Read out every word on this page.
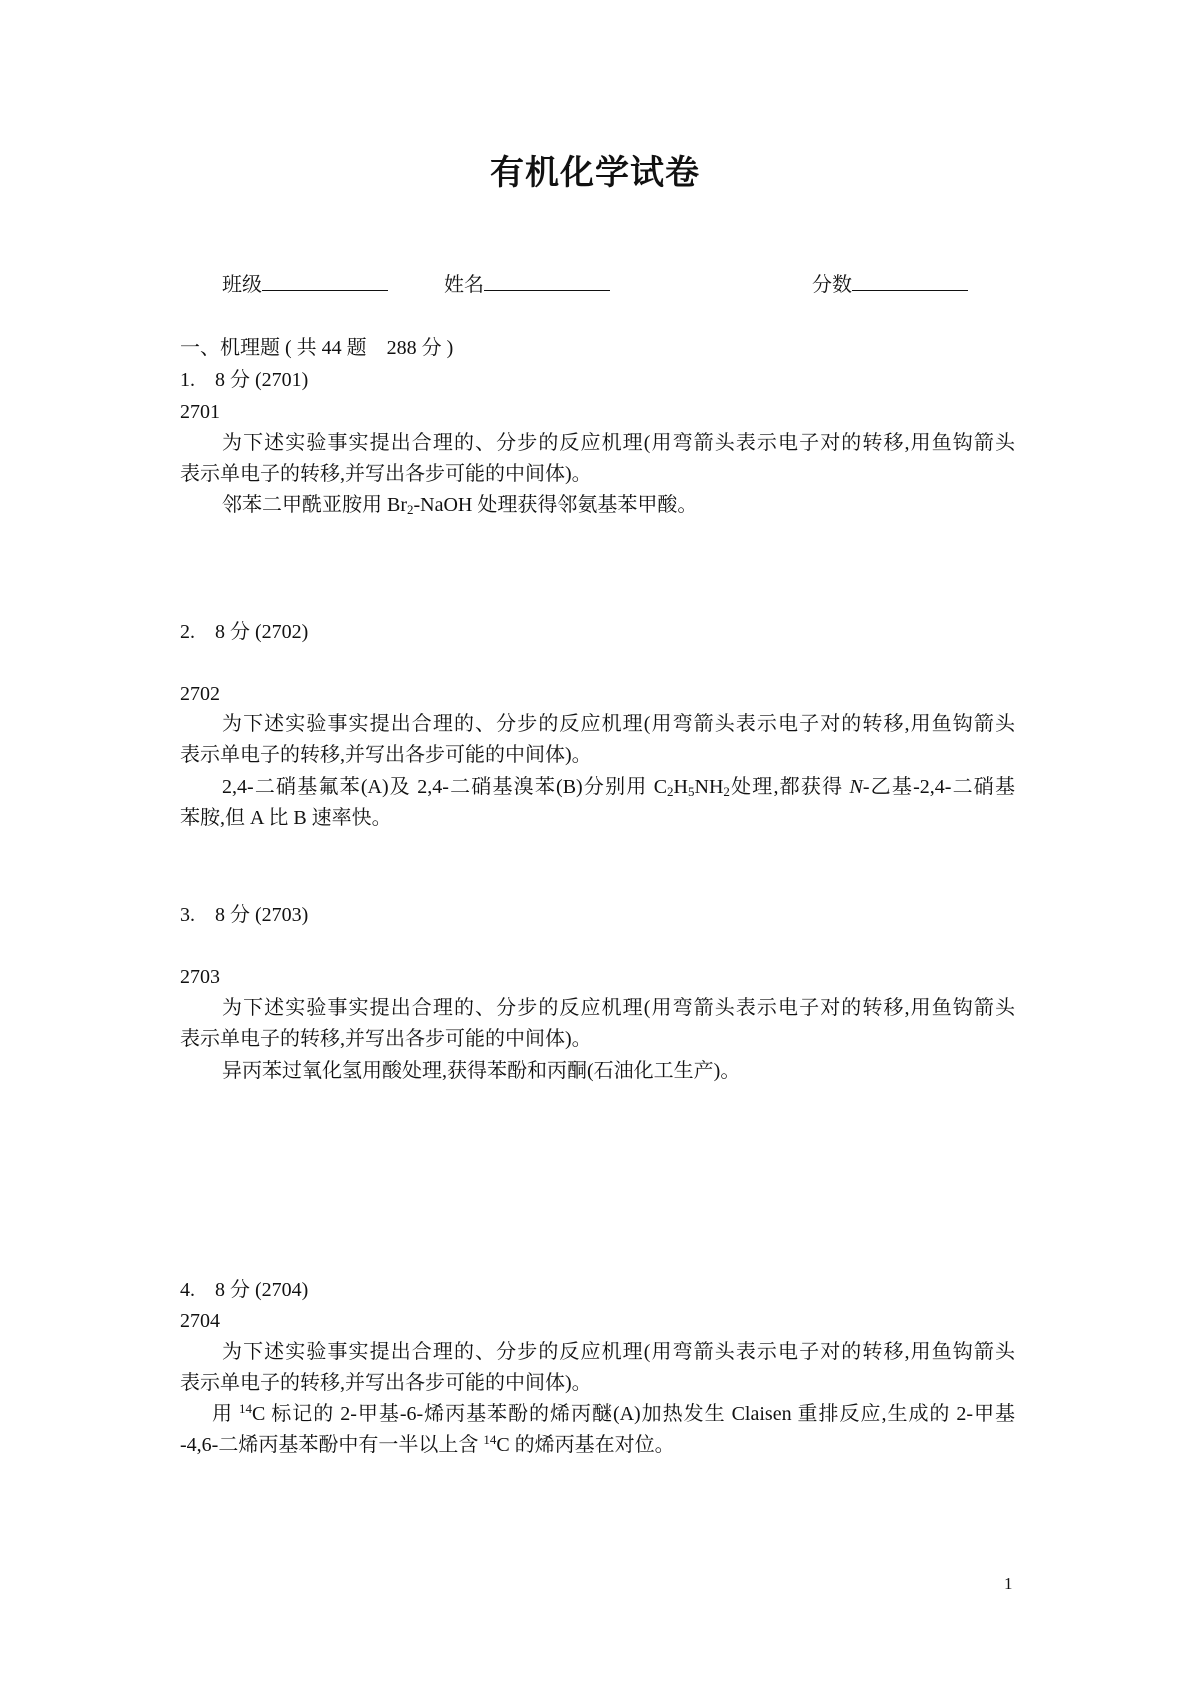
有机化学试卷
班级	姓名	分数
一、机理题 ( 共 44 题　288 分 )
1.　8 分 (2701)
2701
为下述实验事实提出合理的、分步的反应机理(用弯箭头表示电子对的转移,用鱼钩箭头
表示单电子的转移,并写出各步可能的中间体)。
邻苯二甲酰亚胺用 $Br_2$-NaOH 处理获得邻氨基苯甲酸。
2.　8 分 (2702)
2702
为下述实验事实提出合理的、分步的反应机理(用弯箭头表示电子对的转移,用鱼钩箭头
表示单电子的转移,并写出各步可能的中间体)。
2,4-二硝基氟苯(A)及 2,4-二硝基溴苯(B)分别用 $C_2H_5NH_2$处理,都获得 N-乙基-2,4-二硝基
苯胺,但 A 比 B 速率快。
3.　8 分 (2703)
2703
为下述实验事实提出合理的、分步的反应机理(用弯箭头表示电子对的转移,用鱼钩箭头
表示单电子的转移,并写出各步可能的中间体)。
异丙苯过氧化氢用酸处理,获得苯酚和丙酮(石油化工生产)。
4.　8 分 (2704)
2704
为下述实验事实提出合理的、分步的反应机理(用弯箭头表示电子对的转移,用鱼钩箭头
表示单电子的转移,并写出各步可能的中间体)。
用 $^{14}$C 标记的 2-甲基-6-烯丙基苯酚的烯丙醚(A)加热发生 Claisen 重排反应,生成的 2-甲基
-4,6-二烯丙基苯酚中有一半以上含 $^{14}$C 的烯丙基在对位。
1
